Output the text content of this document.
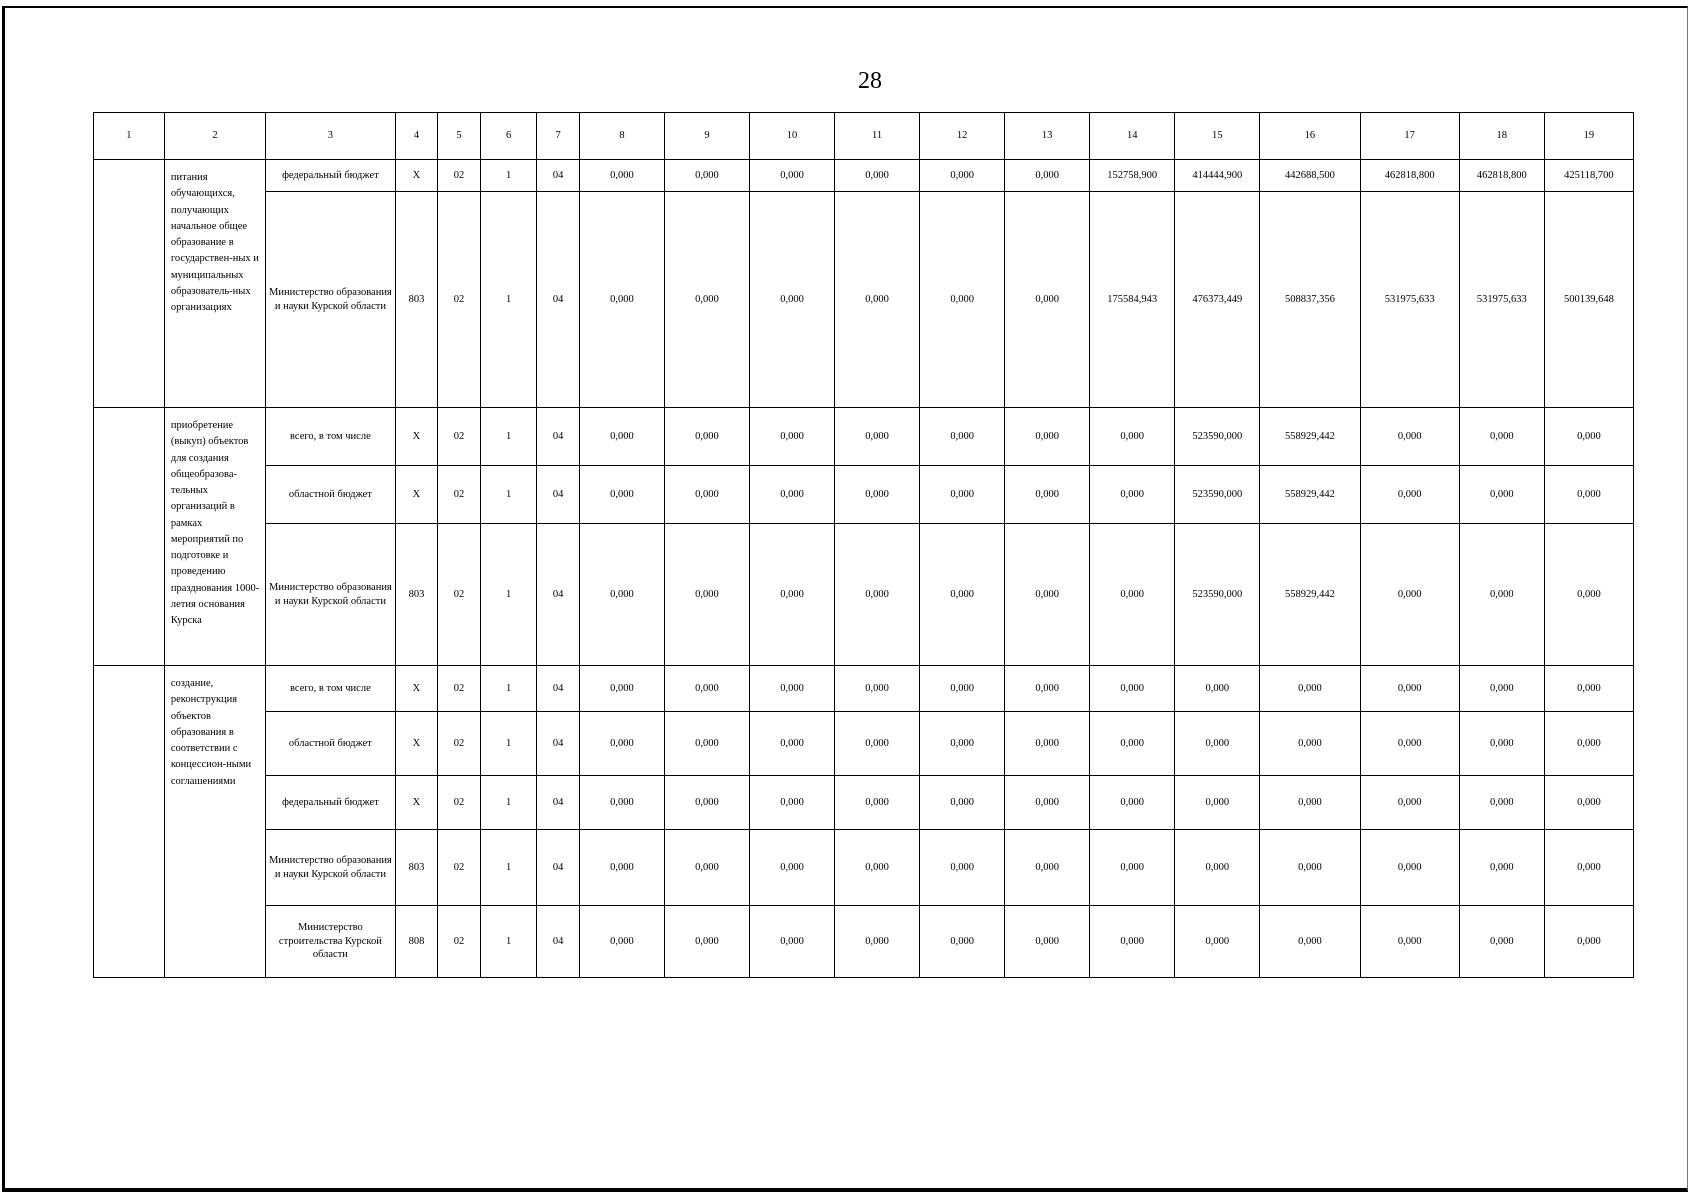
28
1	2	3	4	5	6	7	8	9	10	11	12	13	14	15	16	17	18	19
	питания обучающихся, получающих начальное общее образование в государствен-ных и муниципальных образователь-ных организациях	федеральный бюджет	X	02	1	04	0,000	0,000	0,000	0,000	0,000	0,000	152758,900	414444,900	442688,500	462818,800	462818,800	425118,700
		Министерство образования и науки Курской области	803	02	1	04	0,000	0,000	0,000	0,000	0,000	0,000	175584,943	476373,449	508837,356	531975,633	531975,633	500139,648
	приобретение (выкуп) объектов для создания общеобразова-тельных организаций в рамках мероприятий по подготовке и проведению празднования 1000-летия основания Курска	всего, в том числе	X	02	1	04	0,000	0,000	0,000	0,000	0,000	0,000	0,000	523590,000	558929,442	0,000	0,000	0,000
		областной бюджет	X	02	1	04	0,000	0,000	0,000	0,000	0,000	0,000	0,000	523590,000	558929,442	0,000	0,000	0,000
		Министерство образования и науки Курской области	803	02	1	04	0,000	0,000	0,000	0,000	0,000	0,000	0,000	523590,000	558929,442	0,000	0,000	0,000
	создание, реконструкция объектов образования в соответствии с концессион-ными соглашениями	всего, в том числе	X	02	1	04	0,000	0,000	0,000	0,000	0,000	0,000	0,000	0,000	0,000	0,000	0,000	0,000
		областной бюджет	X	02	1	04	0,000	0,000	0,000	0,000	0,000	0,000	0,000	0,000	0,000	0,000	0,000	0,000
		федеральный бюджет	X	02	1	04	0,000	0,000	0,000	0,000	0,000	0,000	0,000	0,000	0,000	0,000	0,000	0,000
		Министерство образования и науки Курской области	803	02	1	04	0,000	0,000	0,000	0,000	0,000	0,000	0,000	0,000	0,000	0,000	0,000	0,000
		Министерство строительства Курской области	808	02	1	04	0,000	0,000	0,000	0,000	0,000	0,000	0,000	0,000	0,000	0,000	0,000	0,000
